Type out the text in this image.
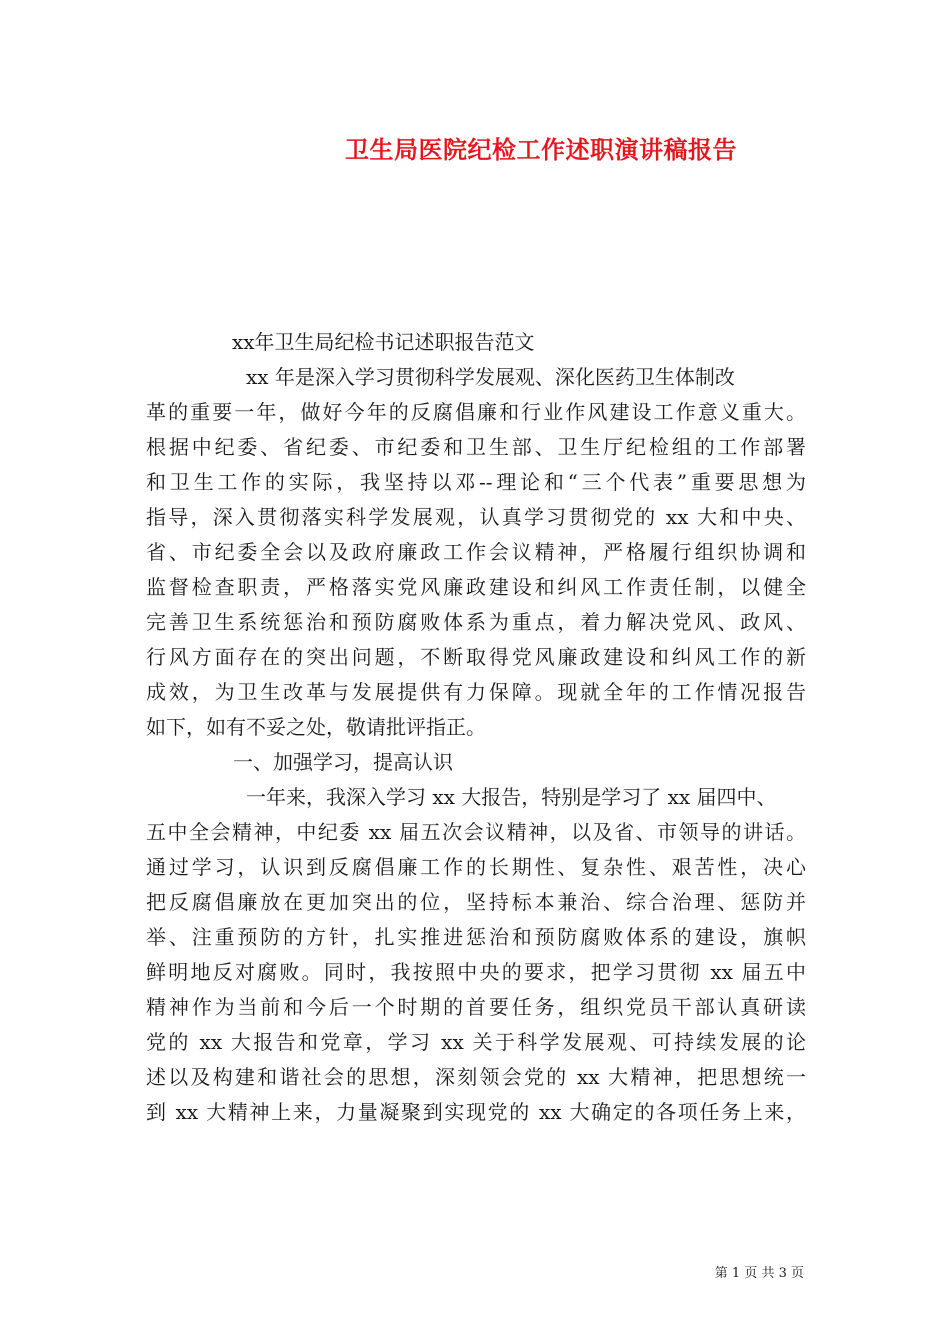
卫生局医院纪检工作述职演讲稿报告
xx年卫生局纪检书记述职报告范文
xx 年是深入学习贯彻科学发展观、深化医药卫生体制改
革的重要一年，做好今年的反腐倡廉和行业作风建设工作意义重大。
根据中纪委、省纪委、市纪委和卫生部、卫生厅纪检组的工作部署
和卫生工作的实际，我坚持以邓--理论和“三个代表”重要思想为
指导，深入贯彻落实科学发展观，认真学习贯彻党的 xx 大和中央、
省、市纪委全会以及政府廉政工作会议精神，严格履行组织协调和
监督检查职责，严格落实党风廉政建设和纠风工作责任制，以健全
完善卫生系统惩治和预防腐败体系为重点，着力解决党风、政风、
行风方面存在的突出问题，不断取得党风廉政建设和纠风工作的新
成效，为卫生改革与发展提供有力保障。现就全年的工作情况报告
如下，如有不妥之处，敬请批评指正。
一、加强学习，提高认识
一年来，我深入学习 xx 大报告，特别是学习了 xx 届四中、
五中全会精神，中纪委 xx 届五次会议精神，以及省、市领导的讲话。
通过学习，认识到反腐倡廉工作的长期性、复杂性、艰苦性，决心
把反腐倡廉放在更加突出的位，坚持标本兼治、综合治理、惩防并
举、注重预防的方针，扎实推进惩治和预防腐败体系的建设，旗帜
鲜明地反对腐败。同时，我按照中央的要求，把学习贯彻 xx 届五中
精神作为当前和今后一个时期的首要任务，组织党员干部认真研读
党的 xx 大报告和党章，学习 xx 关于科学发展观、可持续发展的论
述以及构建和谐社会的思想，深刻领会党的 xx 大精神，把思想统一
到 xx 大精神上来，力量凝聚到实现党的 xx 大确定的各项任务上来，
第 1 页 共 3 页
